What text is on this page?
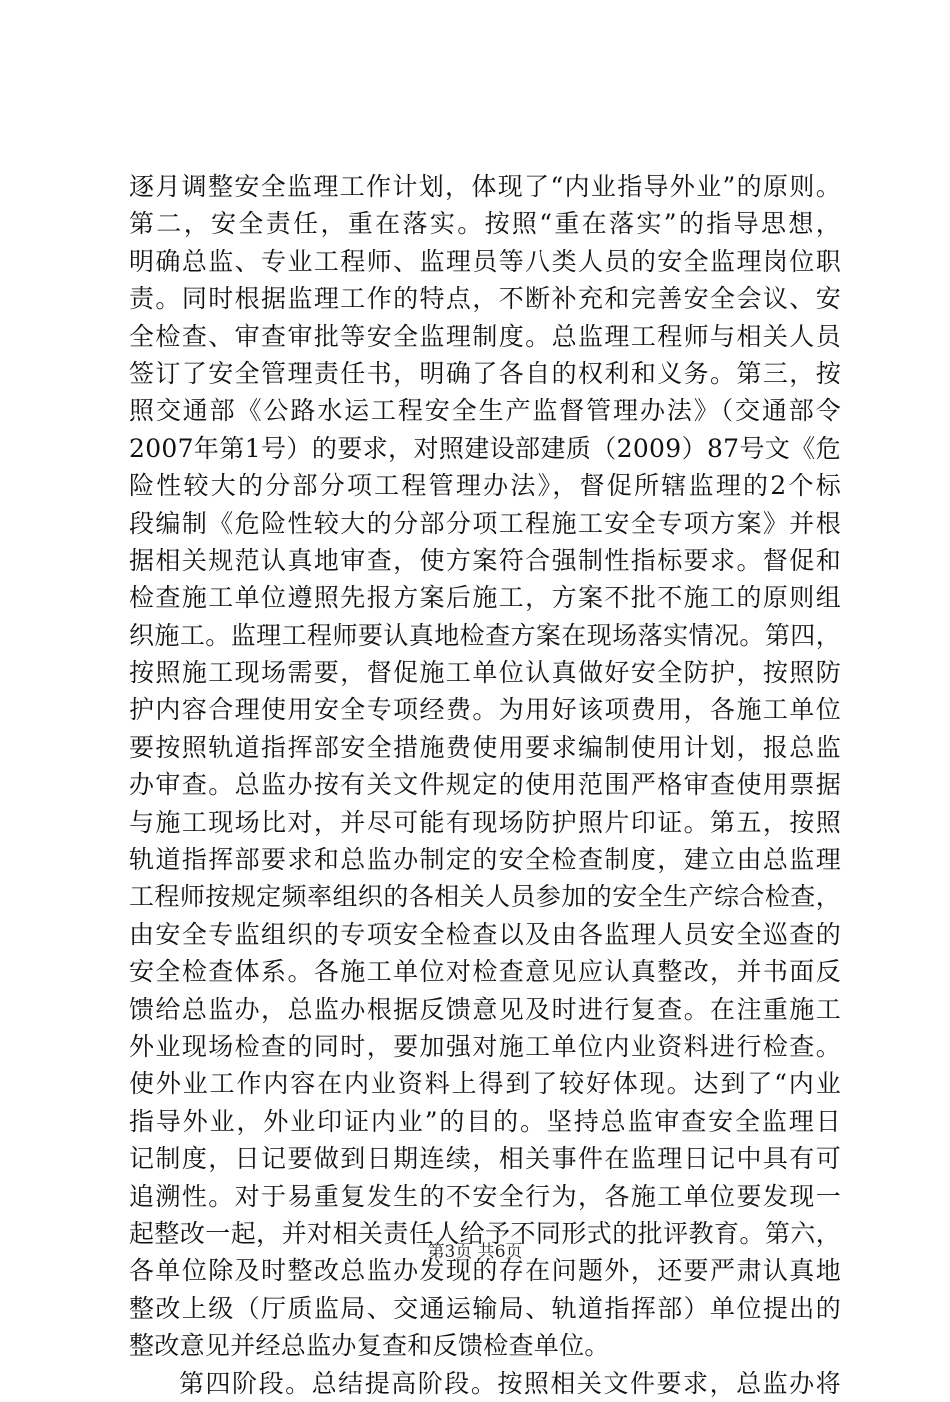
逐月调整安全监理工作计划，体现了“内业指导外业”的原则。
第二，安全责任，重在落实。按照“重在落实”的指导思想，
明确总监、专业工程师、监理员等八类人员的安全监理岗位职
责。同时根据监理工作的特点，不断补充和完善安全会议、安
全检查、审查审批等安全监理制度。总监理工程师与相关人员
签订了安全管理责任书，明确了各自的权利和义务。第三，按
照交通部《公路水运工程安全生产监督管理办法》（交通部令
2007年第1号）的要求，对照建设部建质（2009）87号文《危
险性较大的分部分项工程管理办法》，督促所辖监理的2个标
段编制《危险性较大的分部分项工程施工安全专项方案》并根
据相关规范认真地审查，使方案符合强制性指标要求。督促和
检查施工单位遵照先报方案后施工，方案不批不施工的原则组
织施工。监理工程师要认真地检查方案在现场落实情况。第四，
按照施工现场需要，督促施工单位认真做好安全防护，按照防
护内容合理使用安全专项经费。为用好该项费用，各施工单位
要按照轨道指挥部安全措施费使用要求编制使用计划，报总监
办审查。总监办按有关文件规定的使用范围严格审查使用票据
与施工现场比对，并尽可能有现场防护照片印证。第五，按照
轨道指挥部要求和总监办制定的安全检查制度，建立由总监理
工程师按规定频率组织的各相关人员参加的安全生产综合检查，
由安全专监组织的专项安全检查以及由各监理人员安全巡查的
安全检查体系。各施工单位对检查意见应认真整改，并书面反
馈给总监办，总监办根据反馈意见及时进行复查。在注重施工
外业现场检查的同时，要加强对施工单位内业资料进行检查。
使外业工作内容在内业资料上得到了较好体现。达到了“内业
指导外业，外业印证内业”的目的。坚持总监审查安全监理日
记制度，日记要做到日期连续，相关事件在监理日记中具有可
追溯性。对于易重复发生的不安全行为，各施工单位要发现一
起整改一起，并对相关责任人给予不同形式的批评教育。第六，
各单位除及时整改总监办发现的存在问题外，还要严肃认真地
整改上级（厅质监局、交通运输局、轨道指挥部）单位提出的
整改意见并经总监办复查和反馈检查单位。
第四阶段。总结提高阶段。按照相关文件要求，总监办将
第3页 共6页
